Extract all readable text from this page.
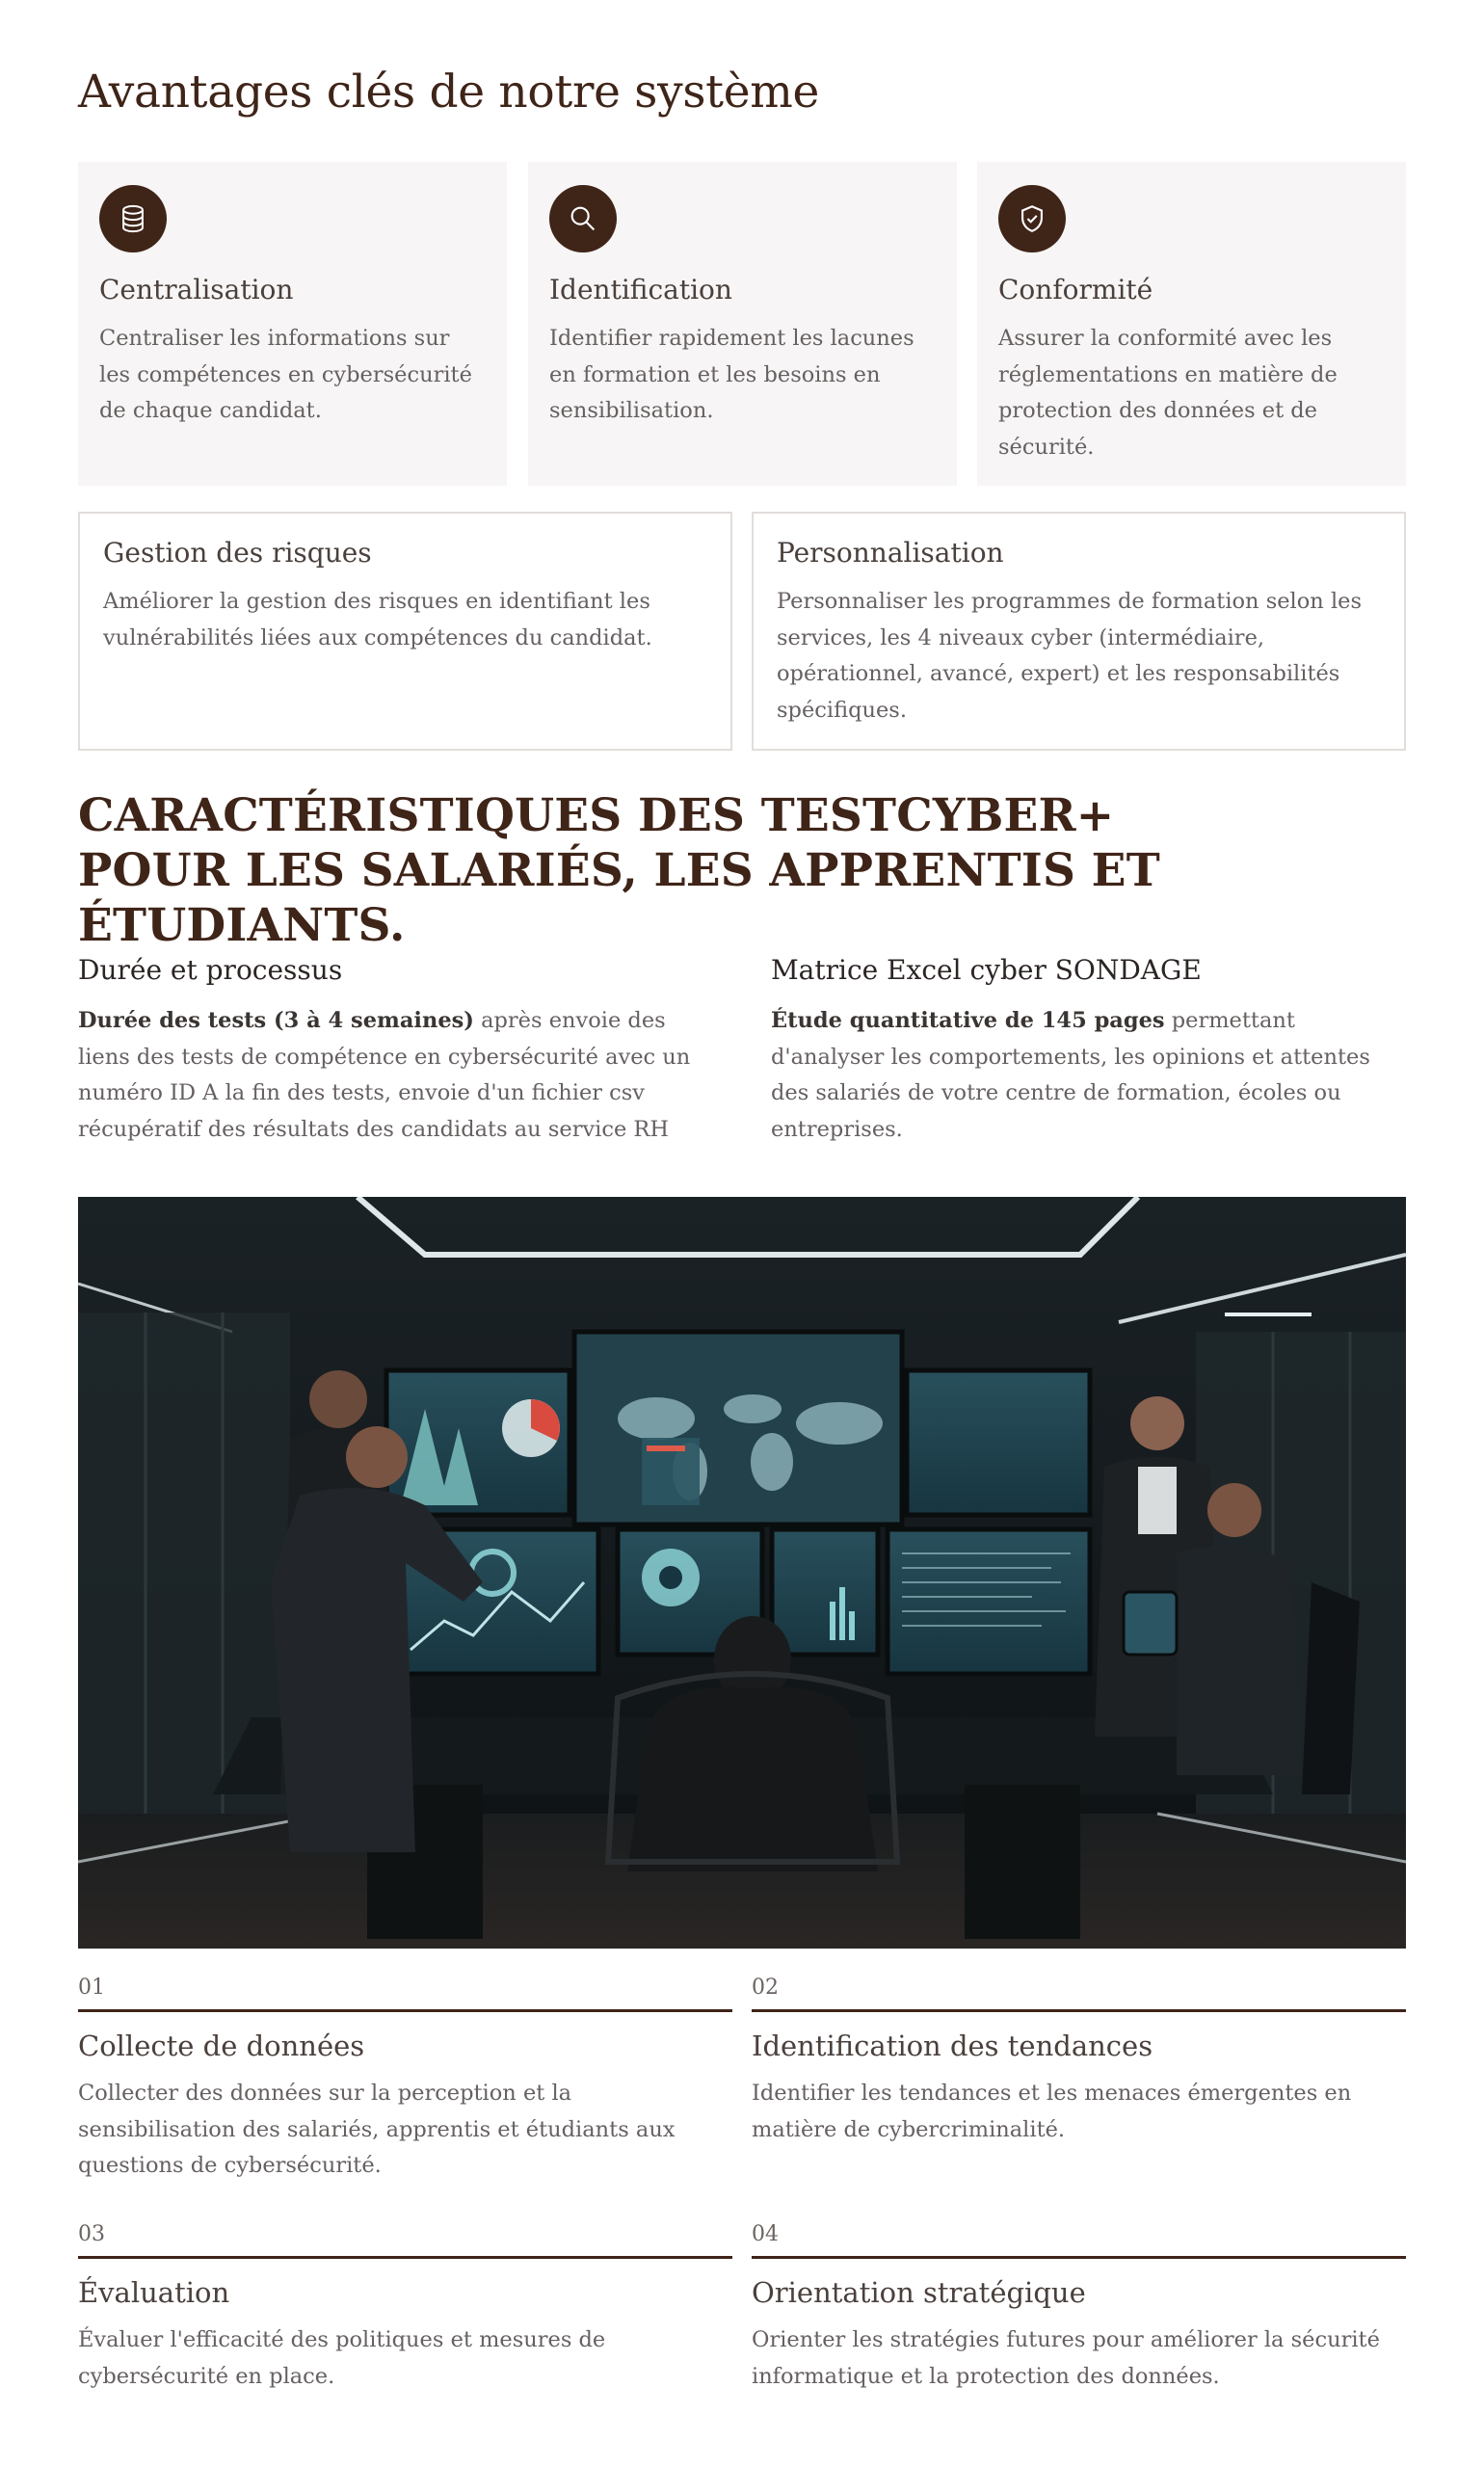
Avantages clés de notre système
Centralisation
Centraliser les informations sur les compétences en cybersécurité de chaque candidat.
Identification
Identifier rapidement les lacunes en formation et les besoins en sensibilisation.
Conformité
Assurer la conformité avec les réglementations en matière de protection des données et de sécurité.
Gestion des risques
Améliorer la gestion des risques en identifiant les vulnérabilités liées aux compétences du candidat.
Personnalisation
Personnaliser les programmes de formation selon les services, les 4 niveaux cyber (intermédiaire, opérationnel, avancé, expert) et les responsabilités spécifiques.
CARACTÉRISTIQUES DES TESTCYBER+ POUR LES SALARIÉS, LES APPRENTIS ET ÉTUDIANTS.
Durée et processus
Durée des tests (3 à 4 semaines) après envoie des liens des tests de compétence en cybersécurité avec un numéro ID A la fin des tests, envoie d'un fichier csv récupératif des résultats des candidats au service RH
Matrice Excel cyber SONDAGE
Étude quantitative de 145 pages permettant d'analyser les comportements, les opinions et attentes des salariés de votre centre de formation, écoles ou entreprises.
01
Collecte de données
Collecter des données sur la perception et la sensibilisation des salariés, apprentis et étudiants aux questions de cybersécurité.
02
Identification des tendances
Identifier les tendances et les menaces émergentes en matière de cybercriminalité.
03
Évaluation
Évaluer l'efficacité des politiques et mesures de cybersécurité en place.
04
Orientation stratégique
Orienter les stratégies futures pour améliorer la sécurité informatique et la protection des données.
